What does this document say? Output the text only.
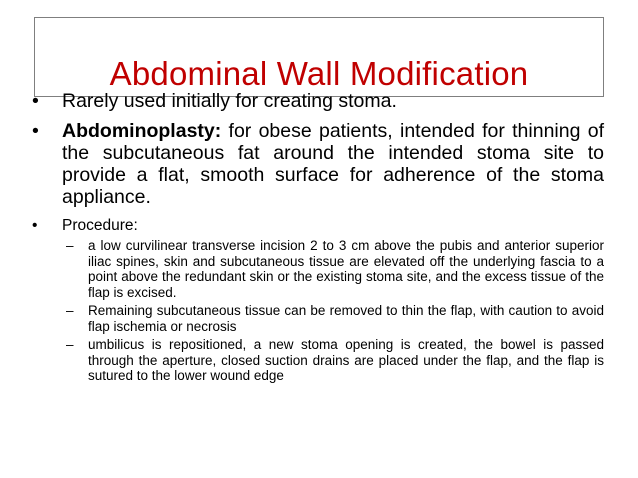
Abdominal Wall Modification
•	Rarely used initially for creating stoma.
•	Abdominoplasty: for obese patients, intended for thinning of the subcutaneous fat around the intended stoma site to provide a flat, smooth surface for adherence of the stoma appliance.
•	Procedure:
– a low curvilinear transverse incision 2 to 3 cm above the pubis and anterior superior iliac spines, skin and subcutaneous tissue are elevated off the underlying fascia to a point above the redundant skin or the existing stoma site, and the excess tissue of the flap is excised.
– Remaining subcutaneous tissue can be removed to thin the flap, with caution to avoid flap ischemia or necrosis
– umbilicus is repositioned, a new stoma opening is created, the bowel is passed through the aperture, closed suction drains are placed under the flap, and the flap is sutured to the lower wound edge
